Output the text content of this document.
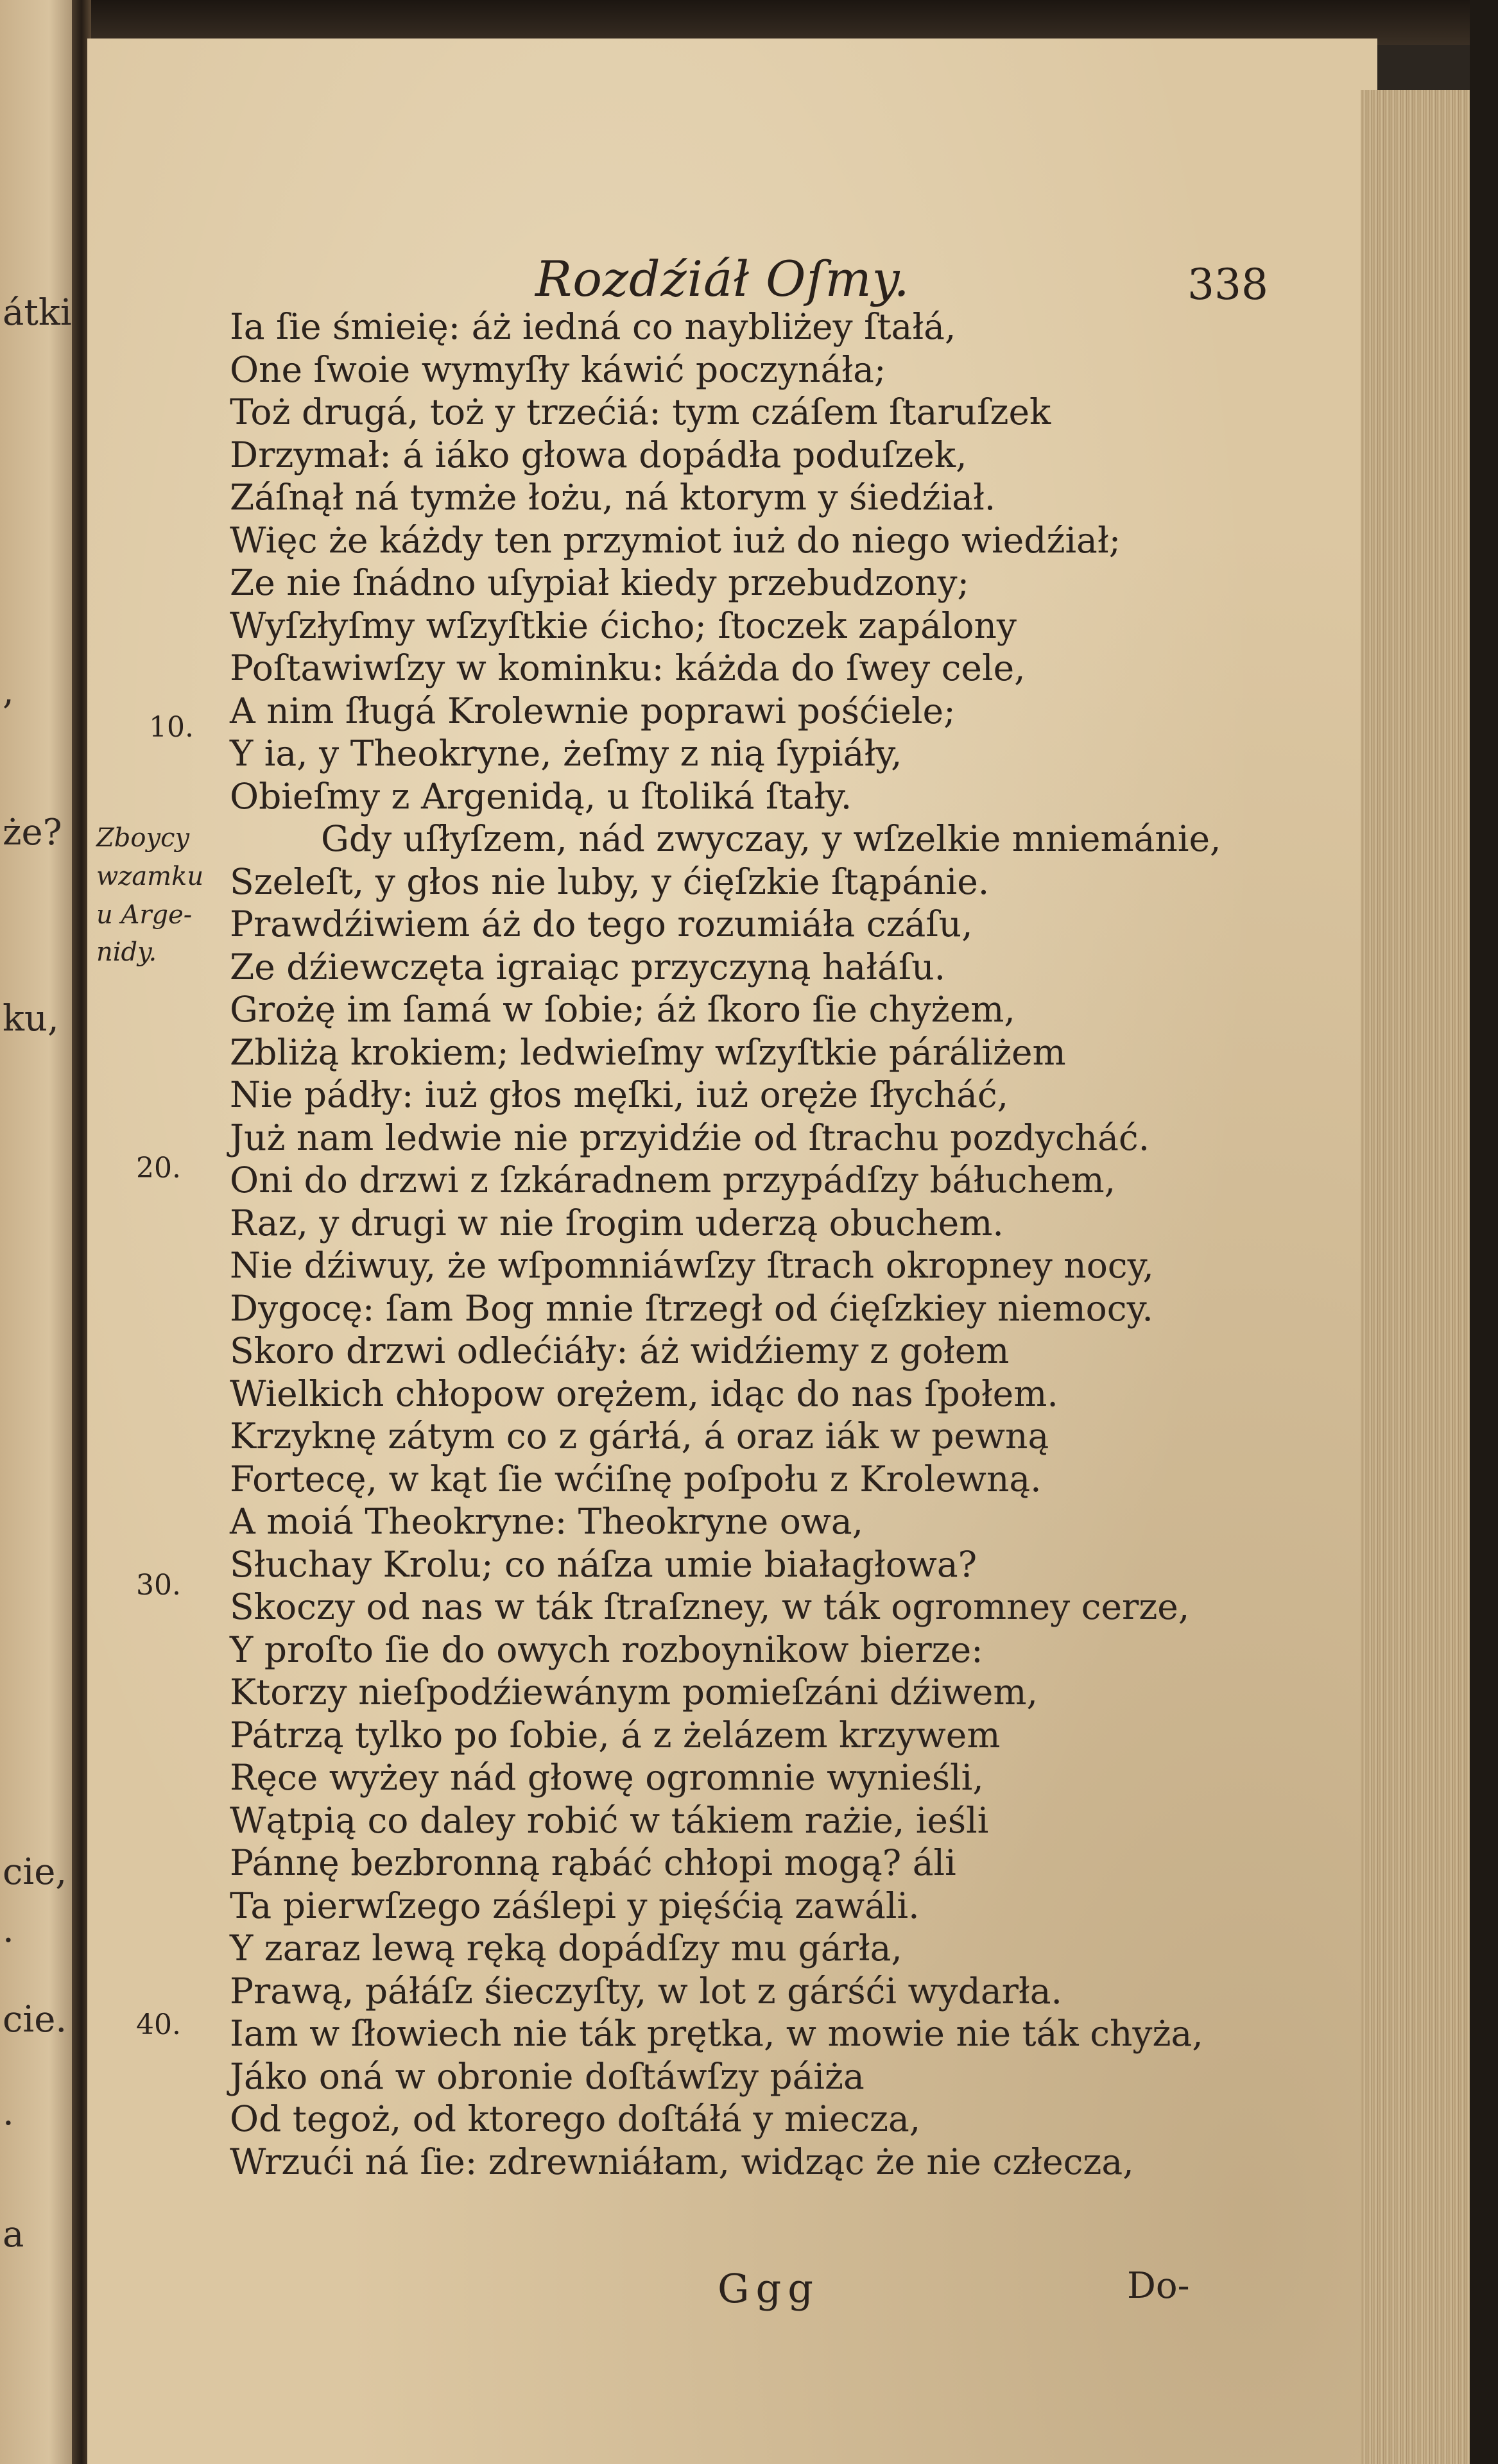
átki
,
że?
ku,
cie,
.
cie.
.
a
Rozdźiáł Oſmy.	338
10.
20.
30.
40.
Zboycy
wzamku
u Arge-
nidy.
Ia ſie śmieię: áż iedná co naybliżey ſtałá,
One ſwoie wymyſły káwić poczynáła;
Toż drugá, toż y trzećiá: tym czáſem ſtaruſzek
Drzymał: á iáko głowa dopádła poduſzek,
Záſnął ná tymże łożu, ná ktorym y śiedźiał.
Więc że káżdy ten przymiot iuż do niego wiedźiał;
Ze nie ſnádno uſypiał kiedy przebudzony;
Wyſzłyſmy wſzyſtkie ćicho; ſtoczek zapálony
Poſtawiwſzy w kominku: káżda do ſwey cele,
A nim ſługá Krolewnie poprawi pośćiele;
Y ia, y Theokryne, żeſmy z nią ſypiáły,
Obieſmy z Argenidą, u ſtoliká ſtały.
Gdy uſłyſzem, nád zwyczay, y wſzelkie mniemánie,
Szeleſt, y głos nie luby, y ćięſzkie ſtąpánie.
Prawdźiwiem áż do tego rozumiáła czáſu,
Ze dźiewczęta igraiąc przyczyną hałáſu.
Grożę im ſamá w ſobie; áż ſkoro ſie chyżem,
Zbliżą krokiem; ledwieſmy wſzyſtkie páráliżem
Nie pádły: iuż głos męſki, iuż oręże ſłycháć,
Już nam ledwie nie przyidźie od ſtrachu pozdycháć.
Oni do drzwi z ſzkáradnem przypádſzy báłuchem,
Raz, y drugi w nie ſrogim uderzą obuchem.
Nie dźiwuy, że wſpomniáwſzy ſtrach okropney nocy,
Dygocę: ſam Bog mnie ſtrzegł od ćięſzkiey niemocy.
Skoro drzwi odlećiáły: áż widźiemy z gołem
Wielkich chłopow orężem, idąc do nas ſpołem.
Krzyknę zátym co z gárłá, á oraz iák w pewną
Fortecę, w kąt ſie wćiſnę poſpołu z Krolewną.
A moiá Theokryne: Theokryne owa,
Słuchay Krolu; co náſza umie białagłowa?
Skoczy od nas w ták ſtraſzney, w ták ogromney cerze,
Y proſto ſie do owych rozboynikow bierze:
Ktorzy nieſpodźiewánym pomieſzáni dźiwem,
Pátrzą tylko po ſobie, á z żelázem krzywem
Ręce wyżey nád głowę ogromnie wynieśli,
Wątpią co daley robić w tákiem rażie, ieśli
Pánnę bezbronną rąbáć chłopi mogą? áli
Ta pierwſzego záślepi y pięśćią zawáli.
Y zaraz lewą ręką dopádſzy mu gárła,
Prawą, páłáſz śieczyſty, w lot z gárśći wydarła.
Iam w ſłowiech nie ták prętka, w mowie nie ták chyża,
Jáko oná w obronie doſtáwſzy páiża
Od tegoż, od ktorego doſtáłá y miecza,
Wrzući ná ſie: zdrewniáłam, widząc że nie człecza,
Ggg	Do-
